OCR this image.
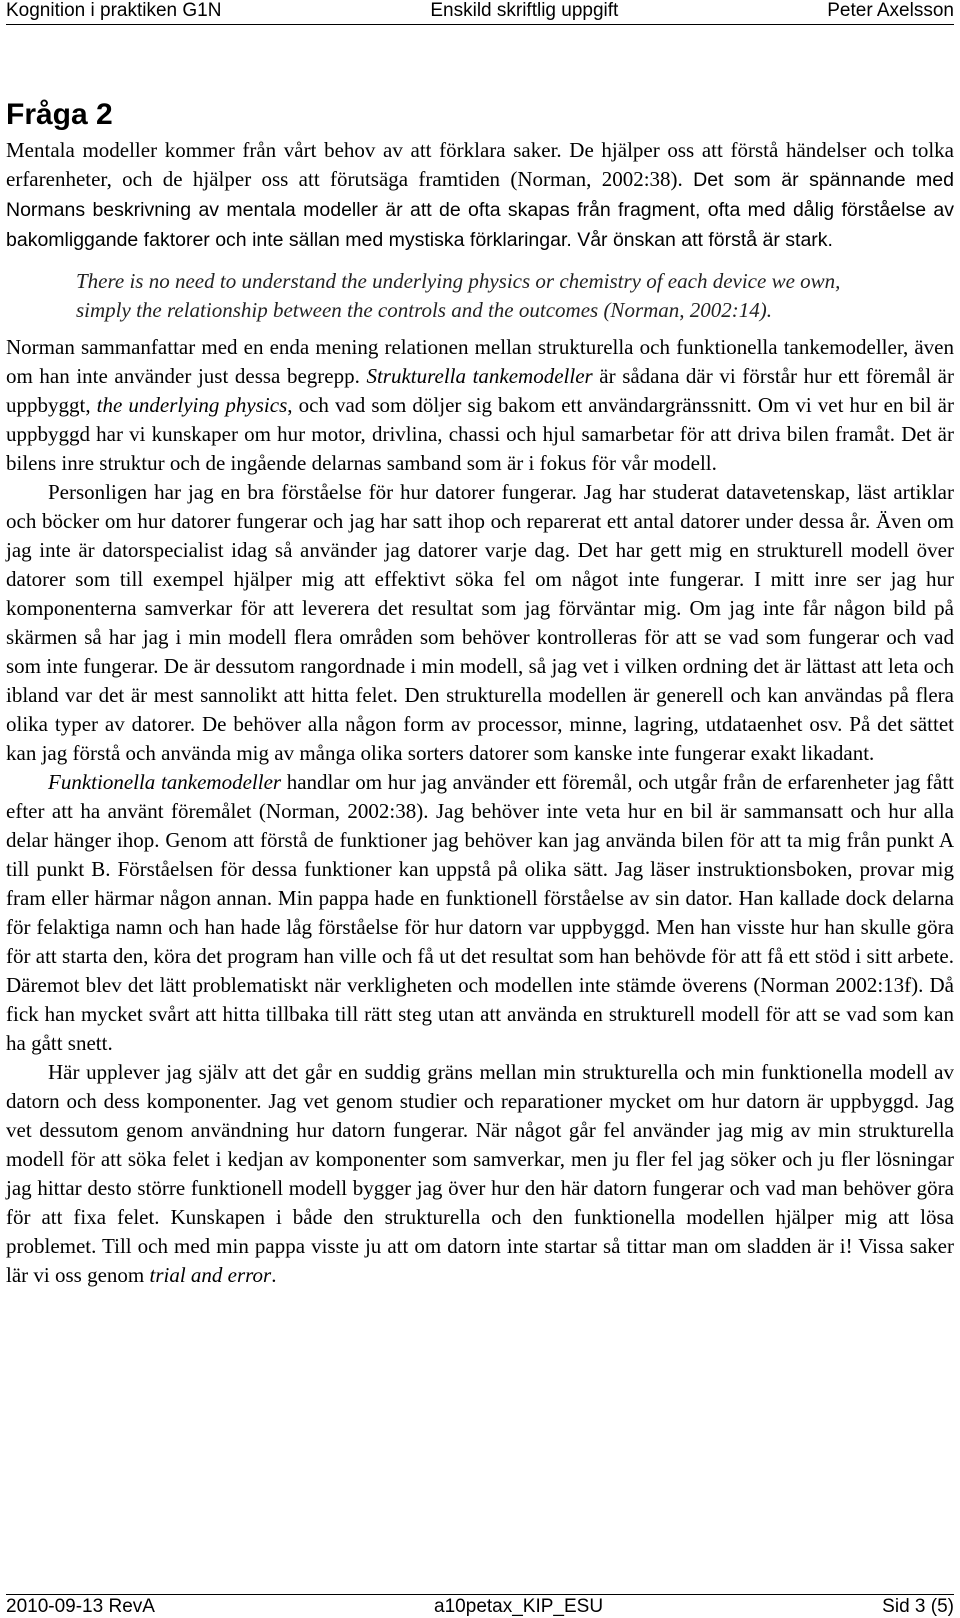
Kognition i praktiken G1N	Enskild skriftlig uppgift	Peter Axelsson
Fråga 2

Mentala modeller kommer från vårt behov av att förklara saker. De hjälper oss att förstå händelser och tolka erfarenheter, och de hjälper oss att förutsäga framtiden (Norman, 2002:38). Det som är spännande med Normans beskrivning av mentala modeller är att de ofta skapas från fragment, ofta med dålig förståelse av bakomliggande faktorer och inte sällan med mystiska förklaringar. Vår önskan att förstå är stark.

There is no need to understand the underlying physics or chemistry of each device we own, simply the relationship between the controls and the outcomes (Norman, 2002:14).

Norman sammanfattar med en enda mening relationen mellan strukturella och funktionella tankemodeller, även om han inte använder just dessa begrepp. Strukturella tankemodeller är sådana där vi förstår hur ett föremål är uppbyggt, the underlying physics, och vad som döljer sig bakom ett användargränssnitt. Om vi vet hur en bil är uppbyggd har vi kunskaper om hur motor, drivlina, chassi och hjul samarbetar för att driva bilen framåt. Det är bilens inre struktur och de ingående delarnas samband som är i fokus för vår modell.

Personligen har jag en bra förståelse för hur datorer fungerar. Jag har studerat datavetenskap, läst artiklar och böcker om hur datorer fungerar och jag har satt ihop och reparerat ett antal datorer under dessa år. Även om jag inte är datorspecialist idag så använder jag datorer varje dag. Det har gett mig en strukturell modell över datorer som till exempel hjälper mig att effektivt söka fel om något inte fungerar. I mitt inre ser jag hur komponenterna samverkar för att leverera det resultat som jag förväntar mig. Om jag inte får någon bild på skärmen så har jag i min modell flera områden som behöver kontrolleras för att se vad som fungerar och vad som inte fungerar. De är dessutom rangordnade i min modell, så jag vet i vilken ordning det är lättast att leta och ibland var det är mest sannolikt att hitta felet. Den strukturella modellen är generell och kan användas på flera olika typer av datorer. De behöver alla någon form av processor, minne, lagring, utdataenhet osv. På det sättet kan jag förstå och använda mig av många olika sorters datorer som kanske inte fungerar exakt likadant.

Funktionella tankemodeller handlar om hur jag använder ett föremål, och utgår från de erfarenheter jag fått efter att ha använt föremålet (Norman, 2002:38). Jag behöver inte veta hur en bil är sammansatt och hur alla delar hänger ihop. Genom att förstå de funktioner jag behöver kan jag använda bilen för att ta mig från punkt A till punkt B. Förståelsen för dessa funktioner kan uppstå på olika sätt. Jag läser instruktionsboken, provar mig fram eller härmar någon annan. Min pappa hade en funktionell förståelse av sin dator. Han kallade dock delarna för felaktiga namn och han hade låg förståelse för hur datorn var uppbyggd. Men han visste hur han skulle göra för att starta den, köra det program han ville och få ut det resultat som han behövde för att få ett stöd i sitt arbete. Däremot blev det lätt problematiskt när verkligheten och modellen inte stämde överens (Norman 2002:13f). Då fick han mycket svårt att hitta tillbaka till rätt steg utan att använda en strukturell modell för att se vad som kan ha gått snett.

Här upplever jag själv att det går en suddig gräns mellan min strukturella och min funktionella modell av datorn och dess komponenter. Jag vet genom studier och reparationer mycket om hur datorn är uppbyggd. Jag vet dessutom genom användning hur datorn fungerar. När något går fel använder jag mig av min strukturella modell för att söka felet i kedjan av komponenter som samverkar, men ju fler fel jag söker och ju fler lösningar jag hittar desto större funktionell modell bygger jag över hur den här datorn fungerar och vad man behöver göra för att fixa felet. Kunskapen i både den strukturella och den funktionella modellen hjälper mig att lösa problemet. Till och med min pappa visste ju att om datorn inte startar så tittar man om sladden är i! Vissa saker lär vi oss genom trial and error.

2010-09-13 RevA	a10petax_KIP_ESU	Sid 3 (5)
